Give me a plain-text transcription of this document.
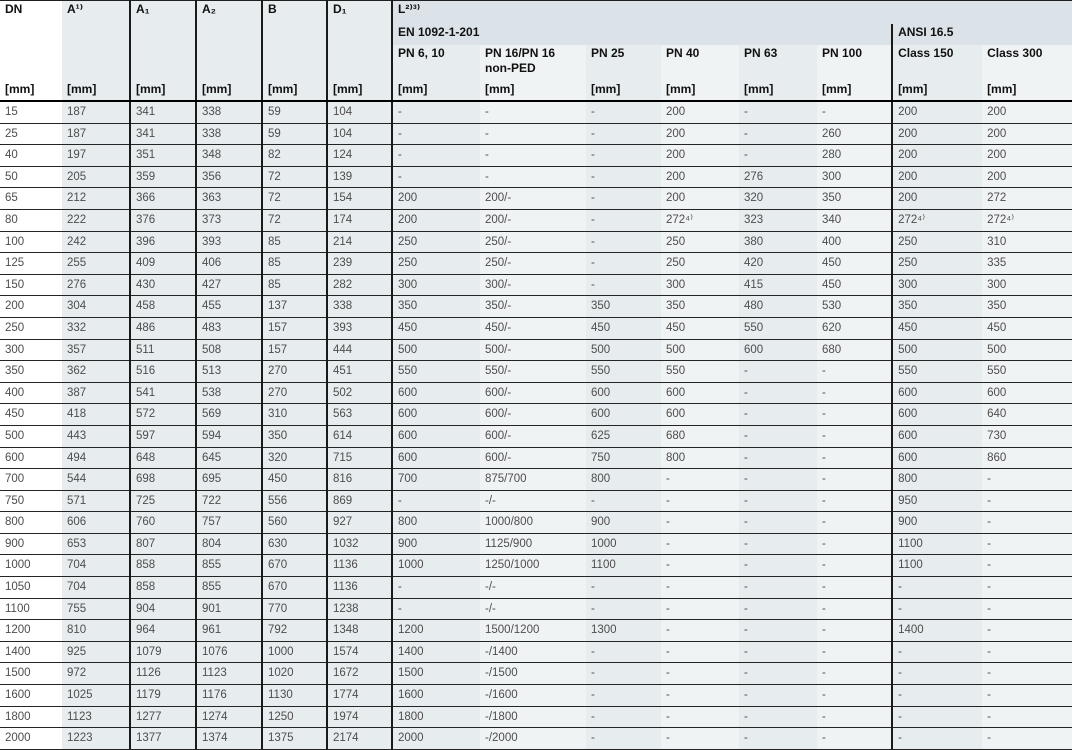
DN	A¹⁾	A₁	A₂	B	D₁	L²⁾³⁾							
						EN 1092-1-201						ANSI 16.5	
						PN 6, 10	PN 16/PN 16 non-PED	PN 25	PN 40	PN 63	PN 100	Class 150	Class 300
[mm]	[mm]	[mm]	[mm]	[mm]	[mm]	[mm]	[mm]	[mm]	[mm]	[mm]	[mm]	[mm]	[mm]
15	187	341	338	59	104	-	-	-	200	-	-	200	200
25	187	341	338	59	104	-	-	-	200	-	260	200	200
40	197	351	348	82	124	-	-	-	200	-	280	200	200
50	205	359	356	72	139	-	-	-	200	276	300	200	200
65	212	366	363	72	154	200	200/-	-	200	320	350	200	272
80	222	376	373	72	174	200	200/-	-	272⁴⁾	323	340	272⁴⁾	272⁴⁾
100	242	396	393	85	214	250	250/-	-	250	380	400	250	310
125	255	409	406	85	239	250	250/-	-	250	420	450	250	335
150	276	430	427	85	282	300	300/-	-	300	415	450	300	300
200	304	458	455	137	338	350	350/-	350	350	480	530	350	350
250	332	486	483	157	393	450	450/-	450	450	550	620	450	450
300	357	511	508	157	444	500	500/-	500	500	600	680	500	500
350	362	516	513	270	451	550	550/-	550	550	-	-	550	550
400	387	541	538	270	502	600	600/-	600	600	-	-	600	600
450	418	572	569	310	563	600	600/-	600	600	-	-	600	640
500	443	597	594	350	614	600	600/-	625	680	-	-	600	730
600	494	648	645	320	715	600	600/-	750	800	-	-	600	860
700	544	698	695	450	816	700	875/700	800	-	-	-	800	-
750	571	725	722	556	869	-	-/-	-	-	-	-	950	-
800	606	760	757	560	927	800	1000/800	900	-	-	-	900	-
900	653	807	804	630	1032	900	1125/900	1000	-	-	-	1100	-
1000	704	858	855	670	1136	1000	1250/1000	1100	-	-	-	1100	-
1050	704	858	855	670	1136	-	-/-	-	-	-	-	-	-
1100	755	904	901	770	1238	-	-/-	-	-	-	-	-	-
1200	810	964	961	792	1348	1200	1500/1200	1300	-	-	-	1400	-
1400	925	1079	1076	1000	1574	1400	-/1400	-	-	-	-	-	-
1500	972	1126	1123	1020	1672	1500	-/1500	-	-	-	-	-	-
1600	1025	1179	1176	1130	1774	1600	-/1600	-	-	-	-	-	-
1800	1123	1277	1274	1250	1974	1800	-/1800	-	-	-	-	-	-
2000	1223	1377	1374	1375	2174	2000	-/2000	-	-	-	-	-	-
